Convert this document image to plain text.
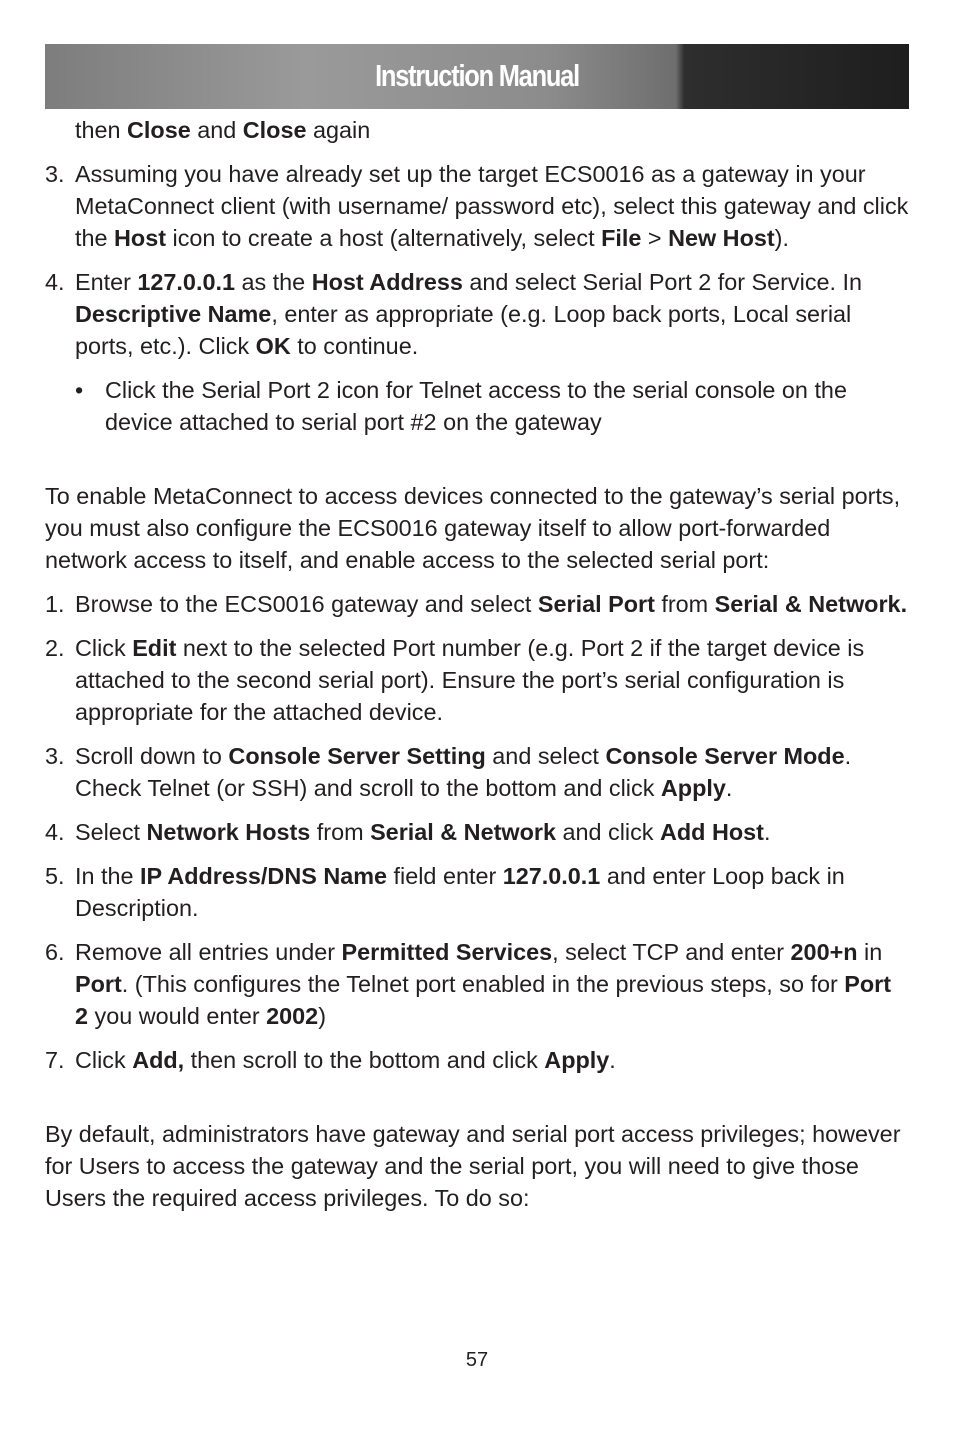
Instruction Manual

then Close and Close again

3. Assuming you have already set up the target ECS0016 as a gateway in your MetaConnect client (with username/ password etc), select this gateway and click the Host icon to create a host (alternatively, select File > New Host).
4. Enter 127.0.0.1 as the Host Address and select Serial Port 2 for Service. In Descriptive Name, enter as appropriate (e.g. Loop back ports, Local serial ports, etc.). Click OK to continue.
• Click the Serial Port 2 icon for Telnet access to the serial console on the device attached to serial port #2 on the gateway

To enable MetaConnect to access devices connected to the gateway’s serial ports, you must also configure the ECS0016 gateway itself to allow port-forwarded network access to itself, and enable access to the selected serial port:

1. Browse to the ECS0016 gateway and select Serial Port from Serial & Network.
2. Click Edit next to the selected Port number (e.g. Port 2 if the target device is attached to the second serial port). Ensure the port’s serial configuration is appropriate for the attached device.
3. Scroll down to Console Server Setting and select Console Server Mode. Check Telnet (or SSH) and scroll to the bottom and click Apply.
4. Select Network Hosts from Serial & Network and click Add Host.
5. In the IP Address/DNS Name field enter 127.0.0.1 and enter Loop back in Description.
6. Remove all entries under Permitted Services, select TCP and enter 200+n in Port. (This configures the Telnet port enabled in the previous steps, so for Port 2 you would enter 2002)
7. Click Add, then scroll to the bottom and click Apply.

By default, administrators have gateway and serial port access privileges; however for Users to access the gateway and the serial port, you will need to give those Users the required access privileges. To do so:

57
